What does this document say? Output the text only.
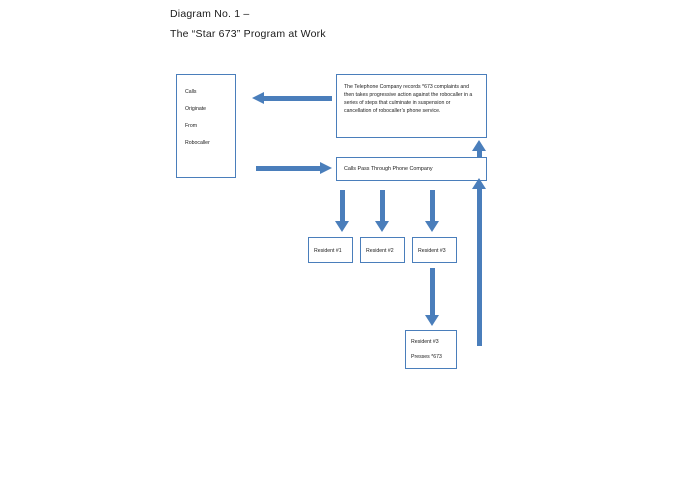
Diagram No. 1 –
The “Star 673” Program at Work
Calls
Originate
From
Robocaller
The Telephone Company records *673 complaints and then takes progressive action against the robocaller in a series of steps that culminate in suspension or cancellation of robocaller’s phone service.
Calls Pass Through Phone Company
Resident #1	Resident #2	Resident #3
Resident #3
Presses *673
